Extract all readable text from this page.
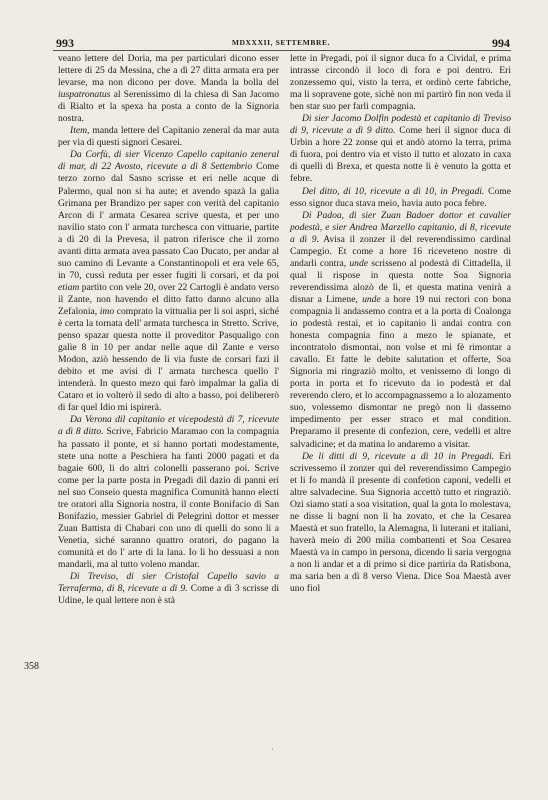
993	MDXXXII, SETTEMBRE.	994

veano lettere del Doria, ma per particulari dicono esser lettere di 25 da Messina, che a dì 27 ditta armata era per levarse, ma non dicono per dove. Manda la bolla del iuspatronatus al Serenissimo di la chiesa di San Jacomo di Rialto et la spexa ha posta a conto de la Signoria nostra.

Item, manda lettere del Capitanio zeneral da mar auta per via di questi signori Cesarei.

Da Corfù, di sier Vicenzo Capello capitanio zeneral di mar, di 22 Avosto, ricevute a dì 8 Settembrio Come terzo zorno dal Sasno scrisse et eri nelle acque di Palermo, qual non si ha aute; et avendo spazà la galìa Grimana per Brandizo per saper con verità del capitanio Arcon di l' armata Cesarea scrive questa, et per uno navilio stato con l' armata turchesca con vittuarie, partite a dì 20 di la Prevesa, il patron riferisce che il zorno avanti ditta armata avea passato Cao Ducato, per andar al suo camino di Levante a Constantinopoli et era vele 65, in 70, cussì reduta per esser fugiti li corsari, et da poi etiam partito con vele 20, over 22 Cartogli è andato verso il Zante, non havendo el ditto fatto danno alcuno alla Zefalonia, imo comprato la vittualia per li soi aspri, siché è certa la tornata dell' armata turchesca in Stretto. Scrive, penso spazar questa notte il proveditor Pasqualigo con galìe 8 in 10 per andar nelle aque dil Zante e verso Modon, aziò hessendo de li via fuste de corsari fazi il debito et me avisi di l' armata turchesca quello l' intenderà. In questo mezo qui farò impalmar la galìa di Cataro et io volterò il sedo di alto a basso, poi delibererò di far quel Idio mi ispirerà.

Da Verona dil capitanio et vicepodestà di 7, ricevute a dì 8 ditto. Scrive, Fabricio Maramao con la compagnia ha passato il ponte, et si hanno portati modestamente, stete una notte a Peschiera ha fanti 2000 pagati et da bagaie 600, li do altri colonelli passerano poi. Scrive come per la parte posta in Pregadi dil dazio di panni eri nel suo Conseio questa magnifica Comunità hanno electi tre oratori alla Signoria nostra, il conte Bonifacio di San Bonifazio, messier Gabriel di Pelegrini dottor et messer Zuan Battista di Chabari con uno di quelli do sono li a Venetia, siché saranno quattro oratori, do pagano la comunità et do l' arte di la lana. Io li ho dessuasi a non mandarli, ma al tutto voleno mandar.

Di Treviso, di sier Cristofal Capello savio a Terraferma, di 8, ricevute a dì 9. Come a dì 3 scrisse di Udine, le qual lettere non è stà

lette in Pregadi, poi il signor duca fo a Cividal, e prima intrasse circondò il loco di fora e poi dentro. Eri zonzessemo qui, visto la terra, et ordinò certe fabriche, ma li sopravene gote, sichè non mi partirò fin non veda il ben star suo per farli compagnia.

Di sier Jacomo Dolfin podestà et capitanio di Treviso di 9, ricevute a dì 9 ditto. Come heri il signor duca di Urbin a hore 22 zonse qui et andò atorno la terra, prima di fuora, poi dentro via et visto il tutto et alozato in caxa di quelli di Brexa, et questa notte li è venuto la gotta et febre.

Del ditto, di 10, ricevute a dì 10, in Pregadi. Come esso signor duca stava meio, havia auto poca febre.

Di Padoa, di sier Zuan Badoer dottor et cavalier podestà, e sier Andrea Marzello capitanio, di 8, ricevute a dì 9. Avisa il zonzer il del reverendissimo cardinal Campegio. Et come a hore 16 riceveteno nostre di andarli contra, unde scrisseno al podestà di Cittadella, il qual li rispose in questa notte Soa Signoria reverendissima alozò de lì, et questa matina venirà a disnar a Limene, unde a hore 19 nui rectori con bona compagnia li andassemo contra et a la porta di Coalonga io podestà restai, et io capitanio li andai contra con honesta compagnia fino a mezo le spianate, et incontratolo dismontai, non volse et mi fè rimontar a cavallo. Et fatte le debite salutation et offerte, Soa Signoria mi ringraziò molto, et venissemo di longo di porta in porta et fo ricevuto da io podestà et dal reverendo clero, et lo accompagnassemo a lo alozamento suo, volessemo dismontar ne pregò non li dassemo impedimento per esser straco et mal condition. Preparamo il presente di confezion, cere, vedelli et altre salvadicine; et da matina lo andaremo a visitar.

De li ditti di 9, ricevute a dì 10 in Pregadi. Eri scrivessemo il zonzer qui del reverendissimo Campegio et li fo mandà il presente di confetion caponi, vedelli et altre salvadecine. Sua Signoria accettò tutto et ringraziò. Ozi siamo stati a soa visitation, qual la gota lo molestava, ne disse li bagni non li ha zovato, et che la Cesarea Maestà et suo fratello, la Alemagna, li luterani et italiani, haverà meio di 200 milia combattenti et Soa Cesarea Maestà va in campo in persona, dicendo li saria vergogna a non li andar et a di primo si dice partiria da Ratisbona, ma saria ben a dì 8 verso Viena. Dice Soa Maestà aver uno fiol

358
·
